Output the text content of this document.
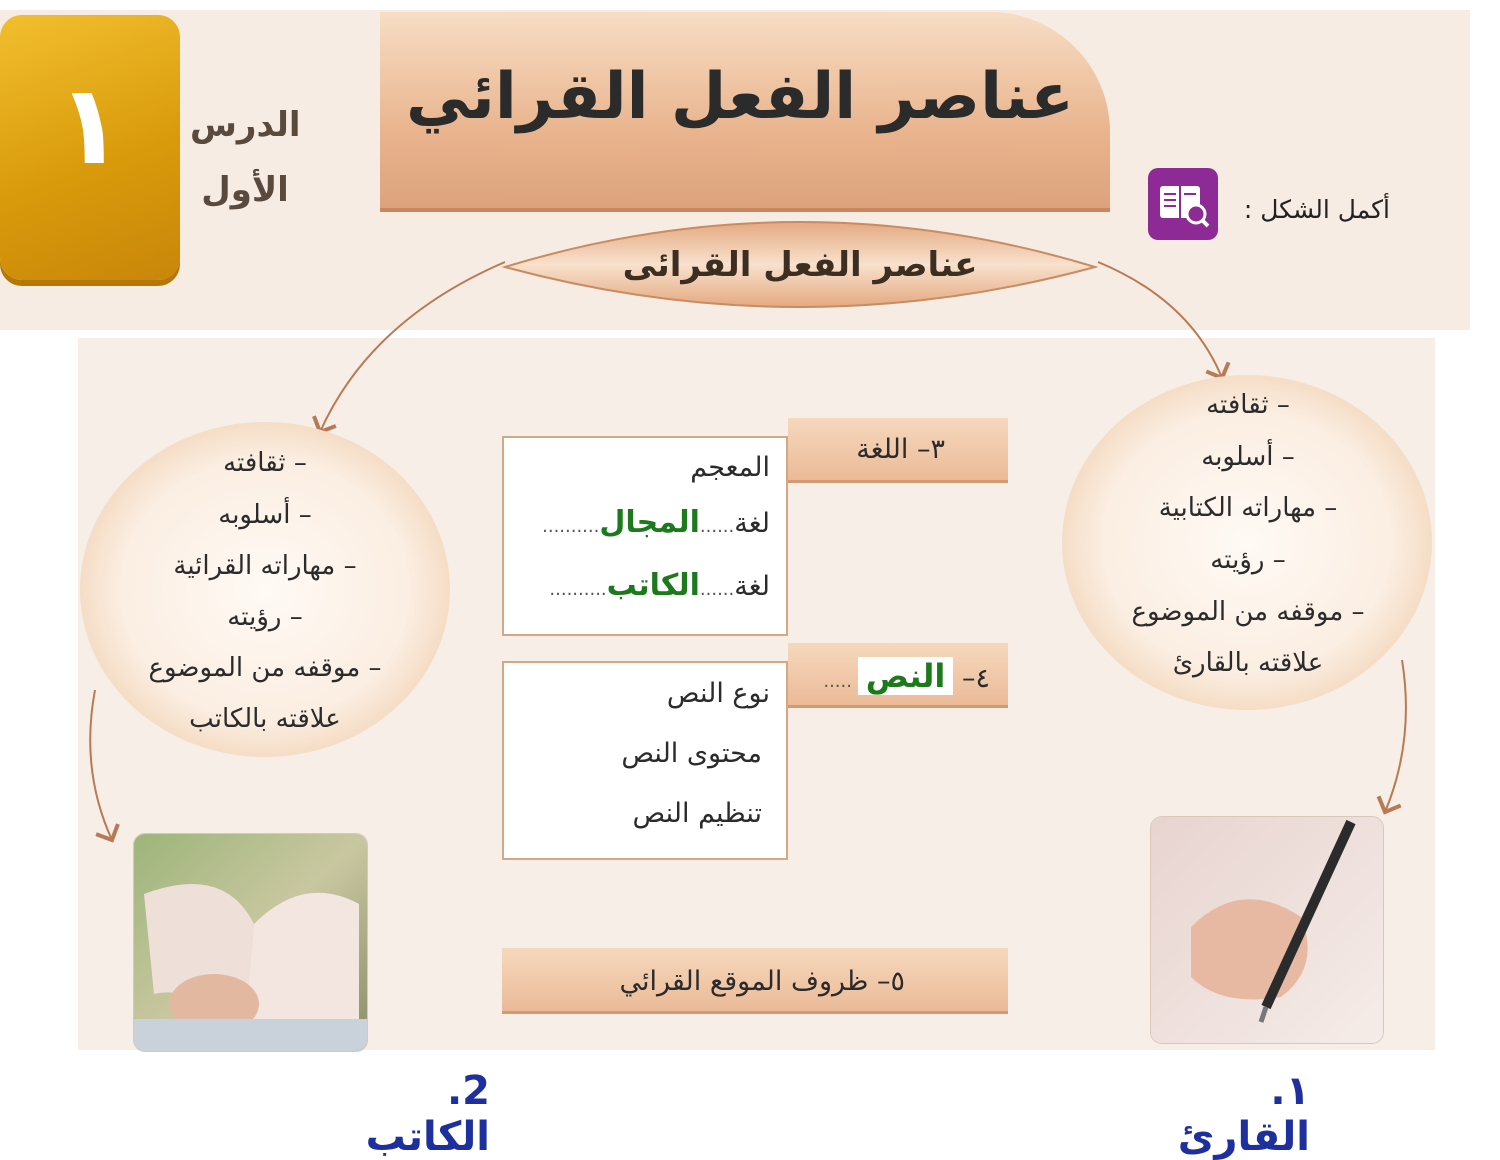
١	الدرس
الأول
عناصر الفعل القرائي
أكمل الشكل :
عناصر الفعل القرائى
– ثقافته
– أسلوبه
– مهاراته القرائية
– رؤيته
– موقفه من الموضوع
علاقته بالكاتب
– ثقافته
– أسلوبه
– مهاراته الكتابية
– رؤيته
– موقفه من الموضوع
علاقته بالقارئ
٣– اللغة
المعجم
لغة......المجال..........
لغة......الكاتب..........
٤– النص .....
نوع النص
محتوى النص
تنظيم النص
٥– ظروف الموقع القرائي
١. القارئ
2. الكاتب
